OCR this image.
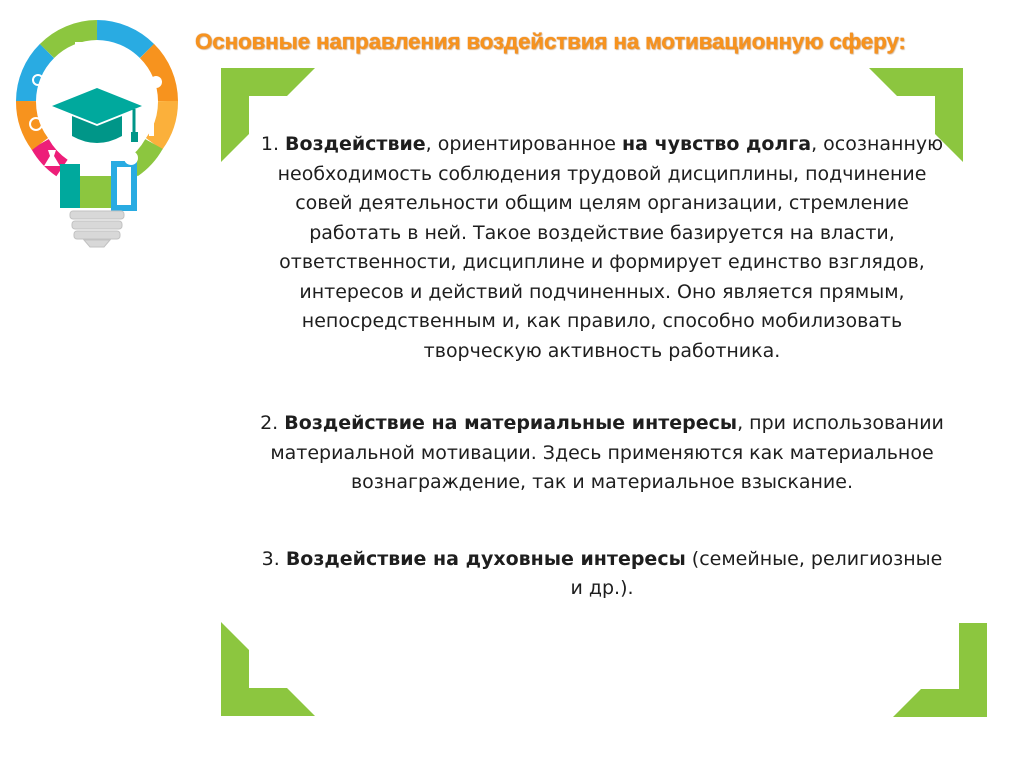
Основные направления воздействия на мотивационную сферу:

1. Воздействие, ориентированное на чувство долга, осознанную необходимость соблюдения трудовой дисциплины, подчинение совей деятельности общим целям организации, стремление работать в ней. Такое воздействие базируется на власти, ответственности, дисциплине и формирует единство взглядов, интересов и действий подчиненных. Оно является прямым, непосредственным и, как правило, способно мобилизовать творческую активность работника.

2. Воздействие на материальные интересы, при использовании материальной мотивации. Здесь применяются как материальное вознаграждение, так и материальное взыскание.

3. Воздействие на духовные интересы (семейные, религиозные и др.).
